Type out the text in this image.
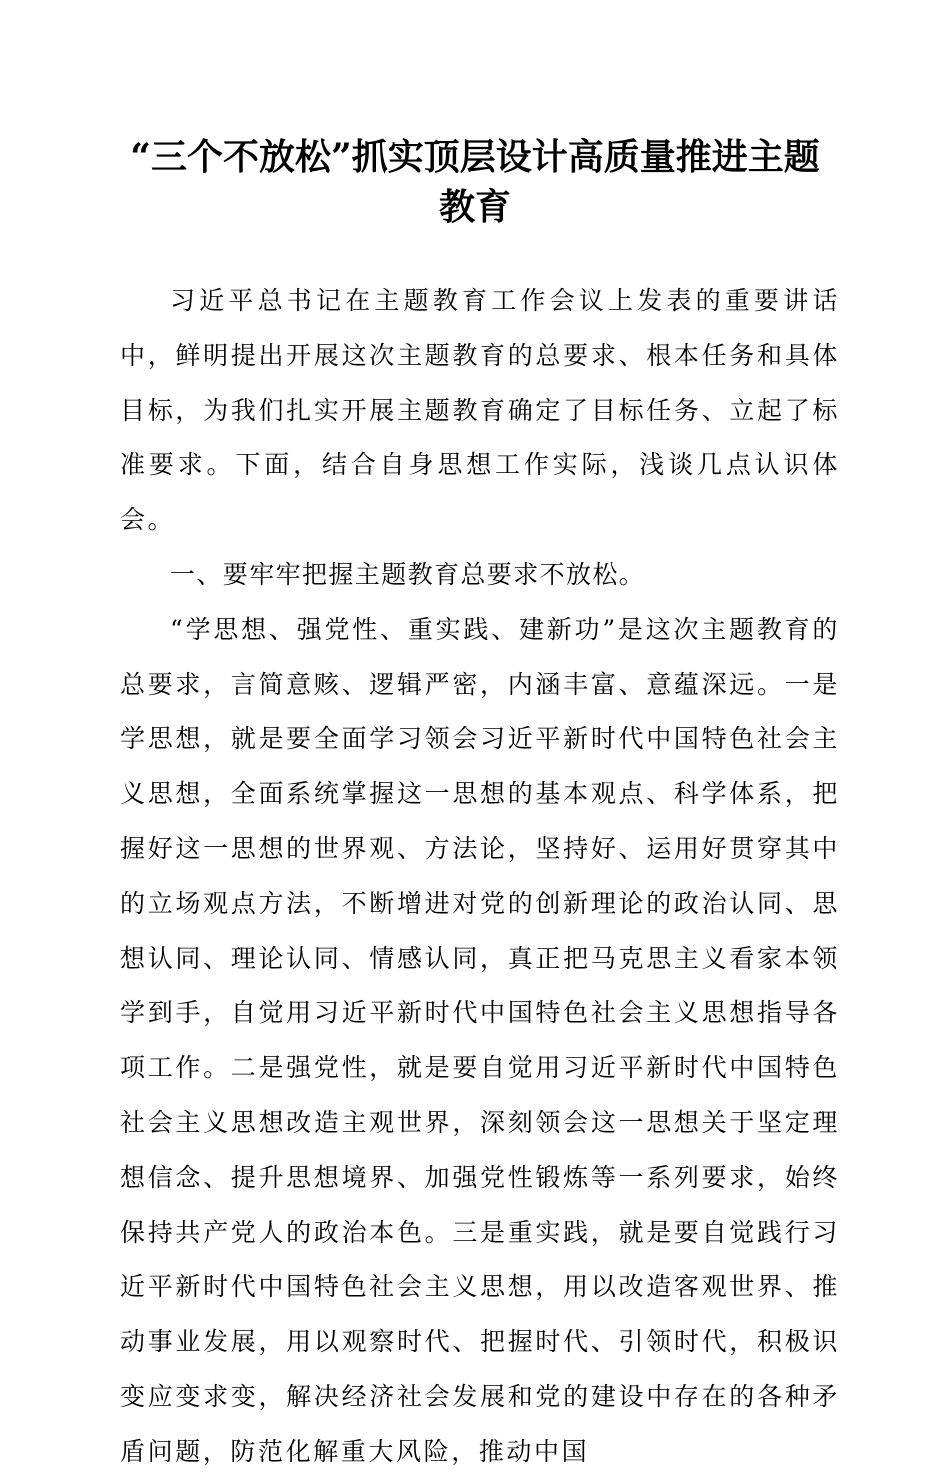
“三个不放松”抓实顶层设计高质量推进主题
教育

习近平总书记在主题教育工作会议上发表的重要讲话中，鲜明提出开展这次主题教育的总要求、根本任务和具体目标，为我们扎实开展主题教育确定了目标任务、立起了标准要求。下面，结合自身思想工作实际，浅谈几点认识体会。

一、要牢牢把握主题教育总要求不放松。

“学思想、强党性、重实践、建新功”是这次主题教育的总要求，言简意赅、逻辑严密，内涵丰富、意蕴深远。一是学思想，就是要全面学习领会习近平新时代中国特色社会主义思想，全面系统掌握这一思想的基本观点、科学体系，把握好这一思想的世界观、方法论，坚持好、运用好贯穿其中的立场观点方法，不断增进对党的创新理论的政治认同、思想认同、理论认同、情感认同，真正把马克思主义看家本领学到手，自觉用习近平新时代中国特色社会主义思想指导各项工作。二是强党性，就是要自觉用习近平新时代中国特色社会主义思想改造主观世界，深刻领会这一思想关于坚定理想信念、提升思想境界、加强党性锻炼等一系列要求，始终保持共产党人的政治本色。三是重实践，就是要自觉践行习近平新时代中国特色社会主义思想，用以改造客观世界、推动事业发展，用以观察时代、把握时代、引领时代，积极识变应变求变，解决经济社会发展和党的建设中存在的各种矛盾问题，防范化解重大风险，推动中国
